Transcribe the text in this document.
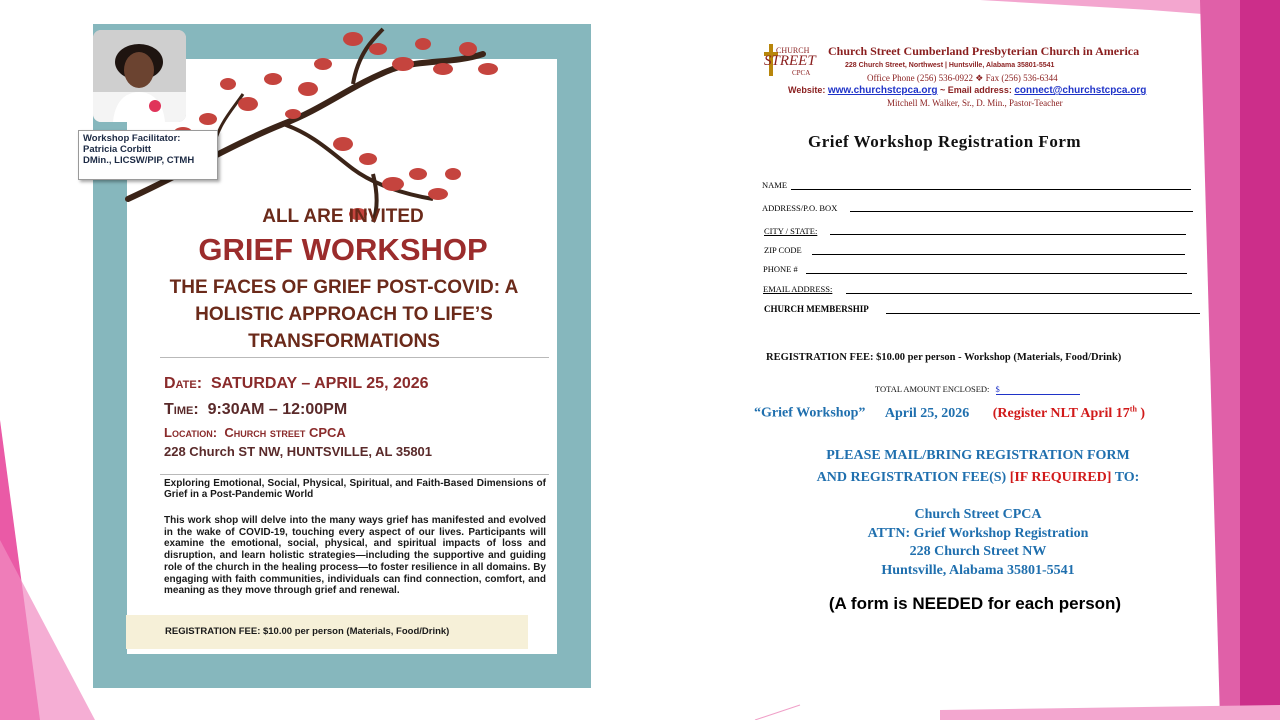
Workshop Facilitator:
Patricia Corbitt
DMin., LICSW/PIP, CTMH
ALL ARE INVITED
GRIEF WORKSHOP
THE FACES OF GRIEF POST-COVID: A
HOLISTIC APPROACH TO LIFE’S
TRANSFORMATIONS
Date: SATURDAY – APRIL 25, 2026
Time: 9:30AM – 12:00PM
Location: Church street CPCA
228 Church ST NW, HUNTSVILLE, AL 35801
Exploring Emotional, Social, Physical, Spiritual, and Faith-Based Dimensions of Grief in a Post-Pandemic World
This work shop will delve into the many ways grief has manifested and evolved in the wake of COVID-19, touching every aspect of our lives. Participants will examine the emotional, social, physical, and spiritual impacts of loss and disruption, and learn holistic strategies—including the supportive and guiding role of the church in the healing process—to foster resilience in all domains. By engaging with faith communities, individuals can find connection, comfort, and meaning as they move through grief and renewal.
REGISTRATION FEE: $10.00 per person (Materials, Food/Drink)
CHURCH
STREET
CPCA
Church Street Cumberland Presbyterian Church in America
228 Church Street, Northwest | Huntsville, Alabama 35801-5541
Office Phone (256) 536-0922 ❖ Fax (256) 536-6344
Website: www.churchstcpca.org ~ Email address: connect@churchstcpca.org
Mitchell M. Walker, Sr., D. Min., Pastor-Teacher
Grief Workshop Registration Form
NAME
ADDRESS/P.O. BOX
CITY / STATE:
ZIP CODE
PHONE #
EMAIL ADDRESS:
CHURCH MEMBERSHIP
REGISTRATION FEE: $10.00 per person - Workshop (Materials, Food/Drink)
TOTAL AMOUNT ENCLOSED: $
“Grief Workshop” April 25, 2026 (Register NLT April 17th )
PLEASE MAIL/BRING REGISTRATION FORM
AND REGISTRATION FEE(S) [IF REQUIRED] TO:
Church Street CPCA
ATTN: Grief Workshop Registration
228 Church Street NW
Huntsville, Alabama 35801-5541
(A form is NEEDED for each person)
